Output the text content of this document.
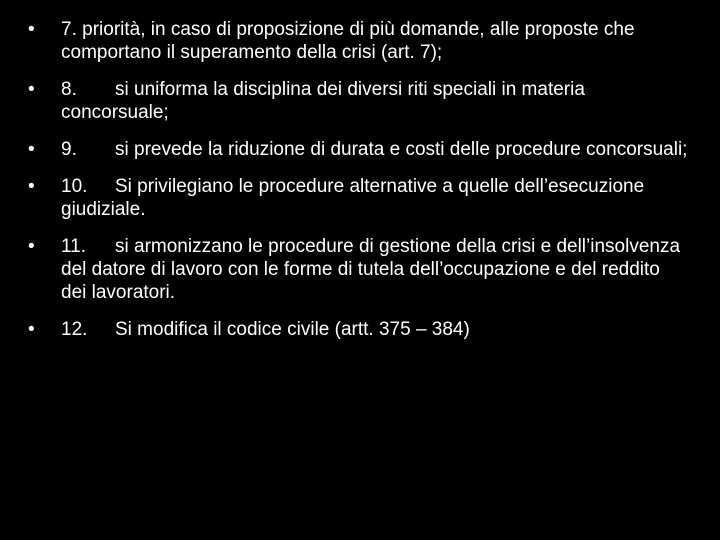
•	7. priorità, in caso di proposizione di più domande, alle proposte che comportano il superamento della crisi (art. 7);
•	8. si uniforma la disciplina dei diversi riti speciali in materia concorsuale;
•	9. si prevede la riduzione di durata e costi delle procedure concorsuali;
•	10. Si privilegiano le procedure alternative a quelle dell’esecuzione giudiziale.
•	11. si armonizzano le procedure di gestione della crisi e dell’insolvenza del datore di lavoro con le forme di tutela dell’occupazione e del reddito dei lavoratori.
•	12. Si modifica il codice civile (artt. 375 – 384)
